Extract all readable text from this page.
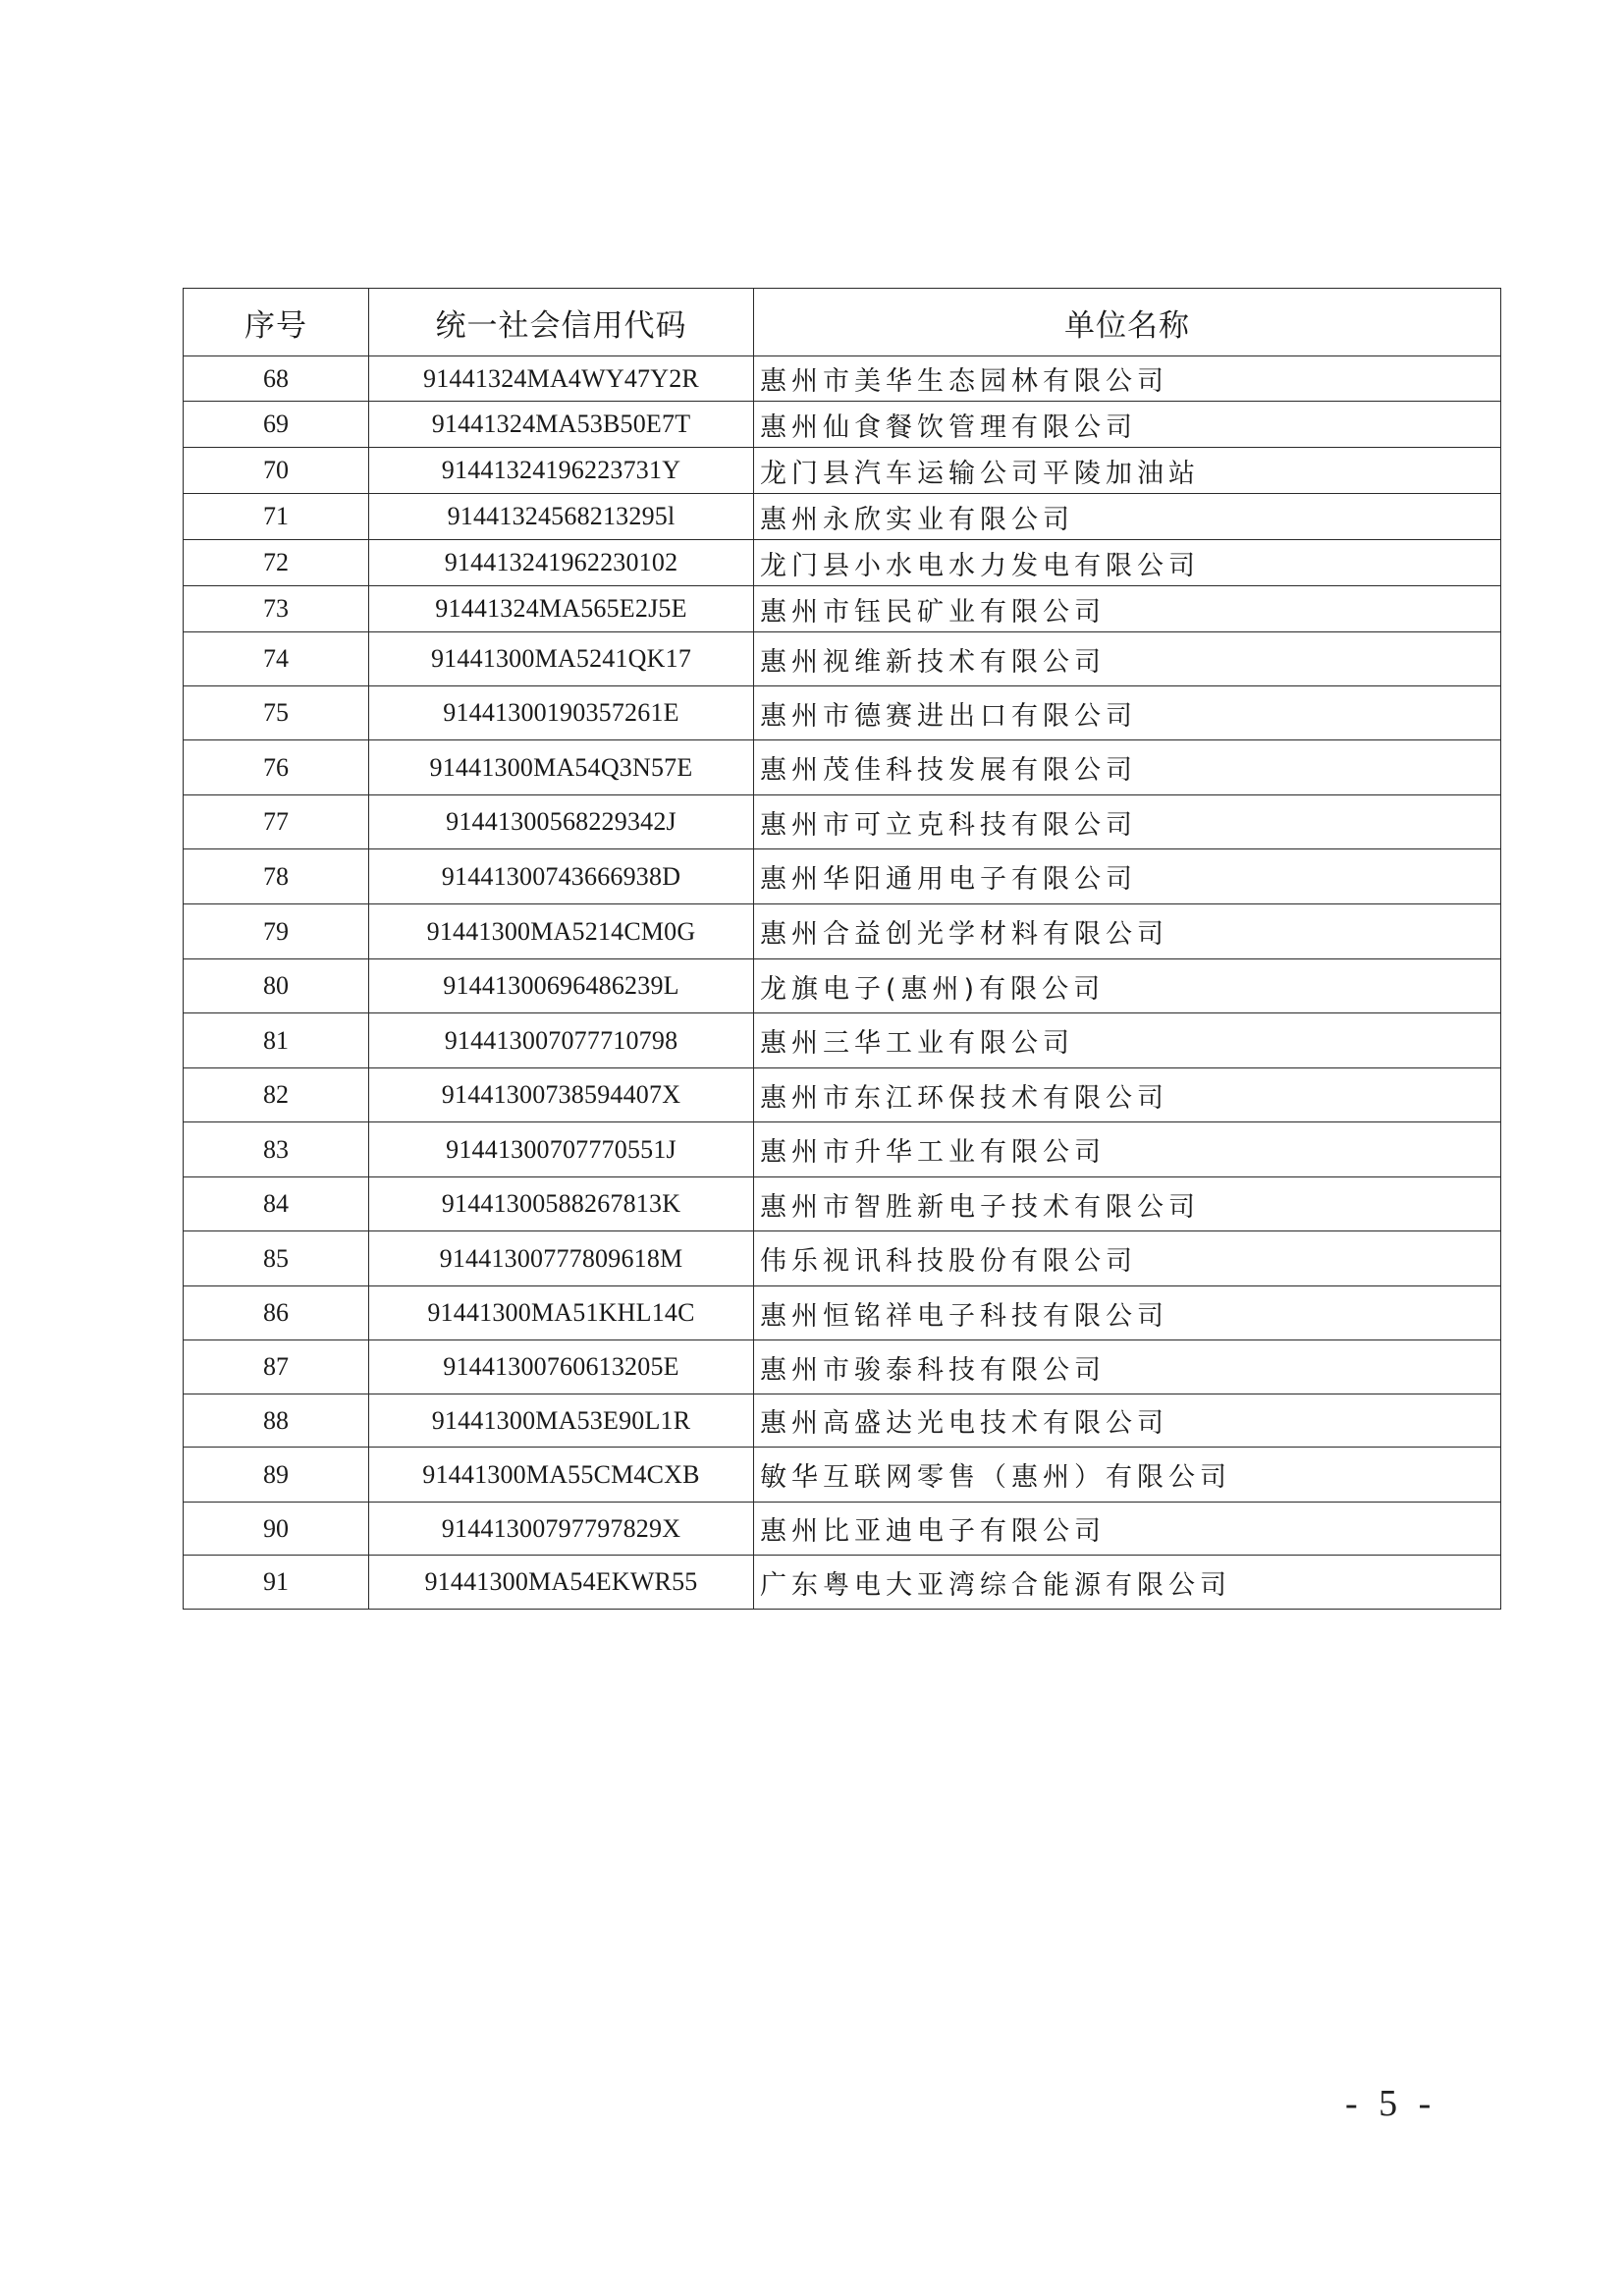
序号	统一社会信用代码	单位名称
68	91441324MA4WY47Y2R	惠州市美华生态园林有限公司
69	91441324MA53B50E7T	惠州仙食餐饮管理有限公司
70	91441324196223731Y	龙门县汽车运输公司平陵加油站
71	91441324568213295l	惠州永欣实业有限公司
72	914413241962230102	龙门县小水电水力发电有限公司
73	91441324MA565E2J5E	惠州市钰民矿业有限公司
74	91441300MA5241QK17	惠州视维新技术有限公司
75	91441300190357261E	惠州市德赛进出口有限公司
76	91441300MA54Q3N57E	惠州茂佳科技发展有限公司
77	91441300568229342J	惠州市可立克科技有限公司
78	91441300743666938D	惠州华阳通用电子有限公司
79	91441300MA5214CM0G	惠州合益创光学材料有限公司
80	91441300696486239L	龙旗电子(惠州)有限公司
81	914413007077710798	惠州三华工业有限公司
82	91441300738594407X	惠州市东江环保技术有限公司
83	91441300707770551J	惠州市升华工业有限公司
84	91441300588267813K	惠州市智胜新电子技术有限公司
85	91441300777809618M	伟乐视讯科技股份有限公司
86	91441300MA51KHL14C	惠州恒铭祥电子科技有限公司
87	91441300760613205E	惠州市骏泰科技有限公司
88	91441300MA53E90L1R	惠州高盛达光电技术有限公司
89	91441300MA55CM4CXB	敏华互联网零售（惠州）有限公司
90	91441300797797829X	惠州比亚迪电子有限公司
91	91441300MA54EKWR55	广东粤电大亚湾综合能源有限公司
- 5 -
